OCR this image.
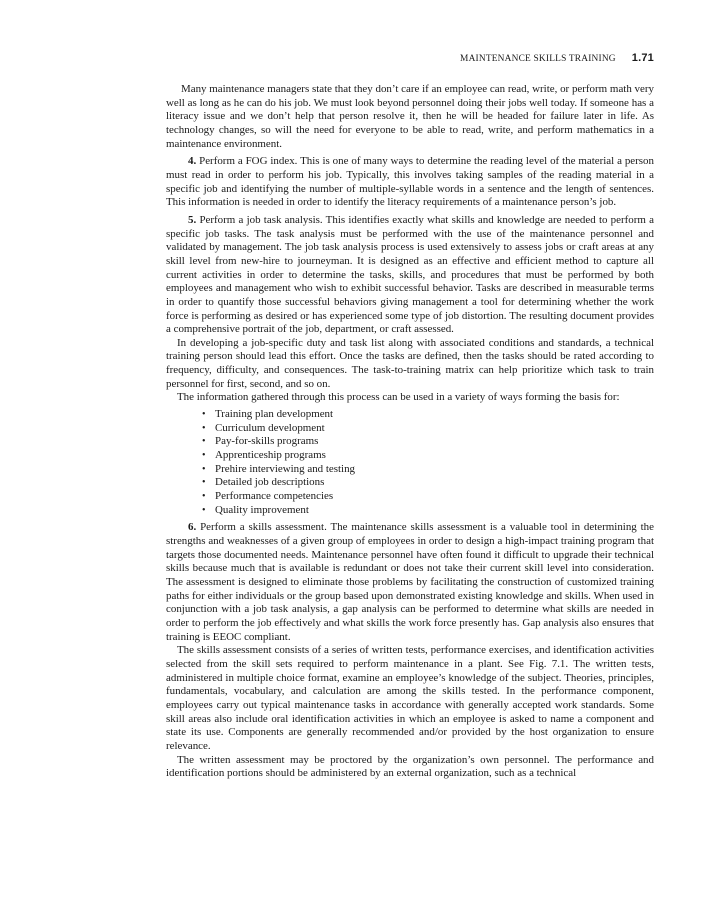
MAINTENANCE SKILLS TRAINING 1.71

Many maintenance managers state that they don’t care if an employee can read, write, or perform math very well as long as he can do his job. We must look beyond personnel doing their jobs well today. If someone has a literacy issue and we don’t help that person resolve it, then he will be headed for failure later in life. As technology changes, so will the need for everyone to be able to read, write, and perform mathematics in a maintenance environment.

4. Perform a FOG index. This is one of many ways to determine the reading level of the material a person must read in order to perform his job. Typically, this involves taking samples of the reading material in a specific job and identifying the number of multiple-syllable words in a sentence and the length of sentences. This information is needed in order to identify the literacy requirements of a maintenance person’s job.

5. Perform a job task analysis. This identifies exactly what skills and knowledge are needed to perform a specific job tasks. The task analysis must be performed with the use of the maintenance personnel and validated by management. The job task analysis process is used extensively to assess jobs or craft areas at any skill level from new-hire to journeyman. It is designed as an effective and efficient method to capture all current activities in order to determine the tasks, skills, and procedures that must be performed by both employees and management who wish to exhibit successful behavior. Tasks are described in measurable terms in order to quantify those successful behaviors giving management a tool for determining whether the work force is performing as desired or has experienced some type of job distortion. The resulting document provides a comprehensive portrait of the job, department, or craft assessed.

In developing a job-specific duty and task list along with associated conditions and standards, a technical training person should lead this effort. Once the tasks are defined, then the tasks should be rated according to frequency, difficulty, and consequences. The task-to-training matrix can help prioritize which task to train personnel for first, second, and so on.

The information gathered through this process can be used in a variety of ways forming the basis for:

• Training plan development
• Curriculum development
• Pay-for-skills programs
• Apprenticeship programs
• Prehire interviewing and testing
• Detailed job descriptions
• Performance competencies
• Quality improvement

6. Perform a skills assessment. The maintenance skills assessment is a valuable tool in determining the strengths and weaknesses of a given group of employees in order to design a high-impact training program that targets those documented needs. Maintenance personnel have often found it difficult to upgrade their technical skills because much that is available is redundant or does not take their current skill level into consideration. The assessment is designed to eliminate those problems by facilitating the construction of customized training paths for either individuals or the group based upon demonstrated existing knowledge and skills. When used in conjunction with a job task analysis, a gap analysis can be performed to determine what skills are needed in order to perform the job effectively and what skills the work force presently has. Gap analysis also ensures that training is EEOC compliant.

The skills assessment consists of a series of written tests, performance exercises, and identification activities selected from the skill sets required to perform maintenance in a plant. See Fig. 7.1. The written tests, administered in multiple choice format, examine an employee’s knowledge of the subject. Theories, principles, fundamentals, vocabulary, and calculation are among the skills tested. In the performance component, employees carry out typical maintenance tasks in accordance with generally accepted work standards. Some skill areas also include oral identification activities in which an employee is asked to name a component and state its use. Components are generally recommended and/or provided by the host organization to ensure relevance.

The written assessment may be proctored by the organization’s own personnel. The performance and identification portions should be administered by an external organization, such as a technical
